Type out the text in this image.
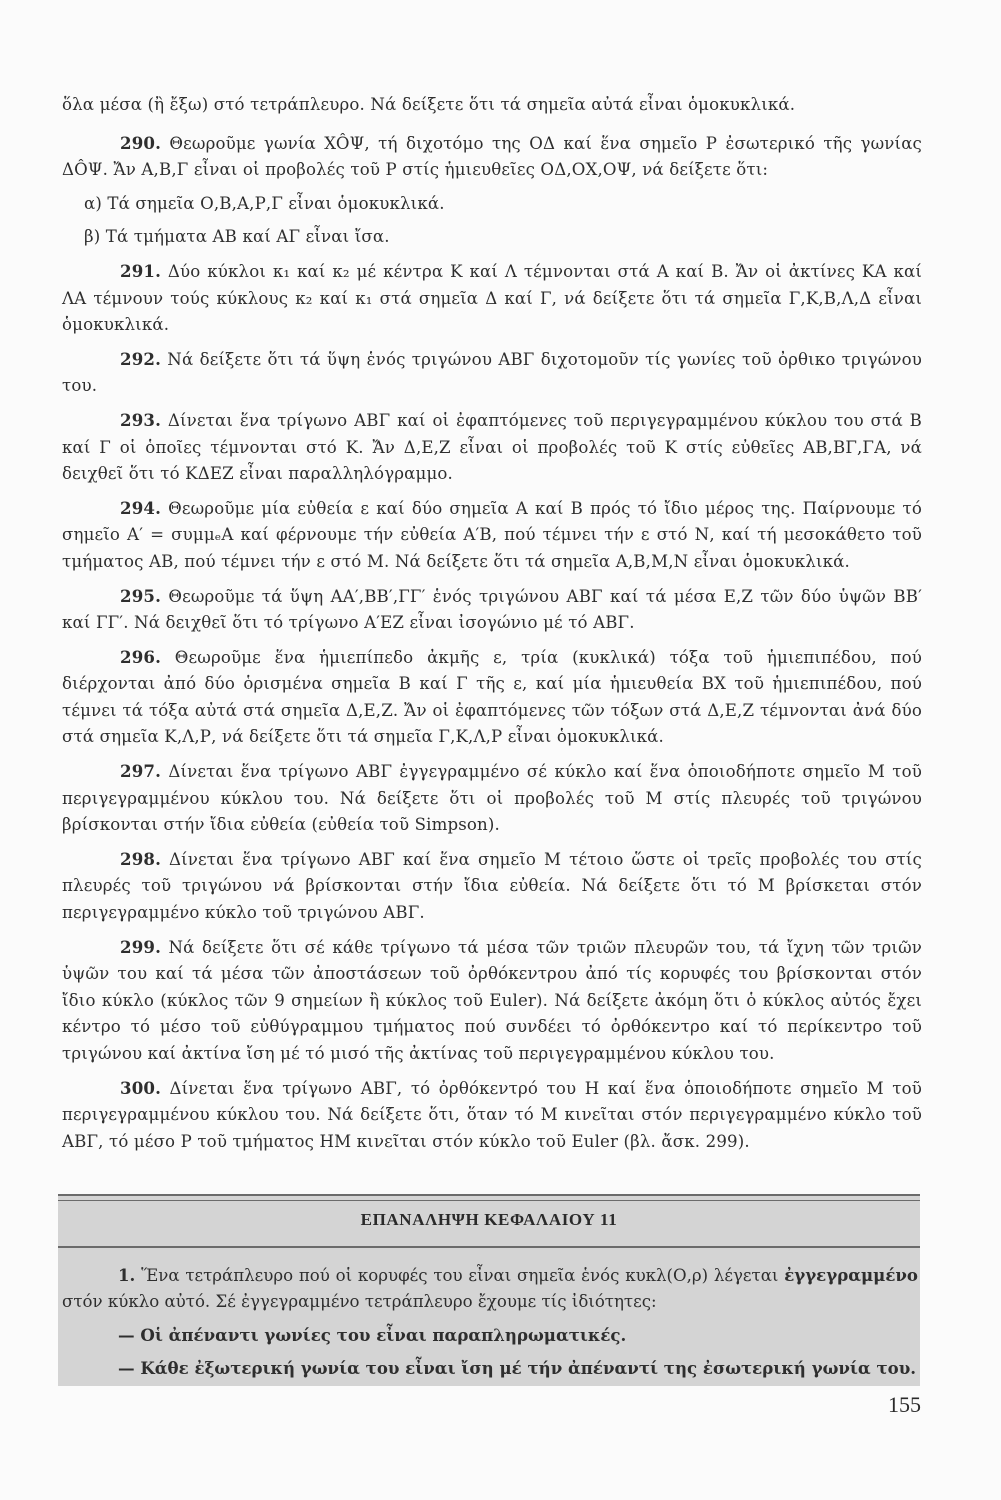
ὅλα μέσα (ἢ ἔξω) στό τετράπλευρο. Νά δείξετε ὅτι τά σημεῖα αὐτά εἶναι ὁμοκυκλικά.

290. Θεωροῦμε γωνία XÔΨ, τή διχοτόμο της ΟΔ καί ἕνα σημεῖο Ρ ἐσωτερικό τῆς γωνίας ΔÔΨ. Ἄν Α,Β,Γ εἶναι οἱ προβολές τοῦ Ρ στίς ἡμιευθεῖες ΟΔ,ΟΧ,ΟΨ, νά δείξετε ὅτι:

α) Τά σημεῖα Ο,Β,Α,Ρ,Γ εἶναι ὁμοκυκλικά.

β) Τά τμήματα ΑΒ καί ΑΓ εἶναι ἴσα.

291. Δύο κύκλοι κ₁ καί κ₂ μέ κέντρα Κ καί Λ τέμνονται στά Α καί Β. Ἄν οἱ ἀκτίνες ΚΑ καί ΛΑ τέμνουν τούς κύκλους κ₂ καί κ₁ στά σημεῖα Δ καί Γ, νά δείξετε ὅτι τά σημεῖα Γ,Κ,Β,Λ,Δ εἶναι ὁμοκυκλικά.

292. Νά δείξετε ὅτι τά ὕψη ἑνός τριγώνου ΑΒΓ διχοτομοῦν τίς γωνίες τοῦ ὀρθικο τριγώνου του.

293. Δίνεται ἕνα τρίγωνο ΑΒΓ καί οἱ ἐφαπτόμενες τοῦ περιγεγραμμένου κύκλου του στά Β καί Γ οἱ ὁποῖες τέμνονται στό Κ. Ἄν Δ,Ε,Ζ εἶναι οἱ προβολές τοῦ Κ στίς εὐθεῖες ΑΒ,ΒΓ,ΓΑ, νά δειχθεῖ ὅτι τό ΚΔΕΖ εἶναι παραλληλόγραμμο.

294. Θεωροῦμε μία εὐθεία ε καί δύο σημεῖα Α καί Β πρός τό ἴδιο μέρος της. Παίρνουμε τό σημεῖο Α′ = συμμₑΑ καί φέρνουμε τήν εὐθεία Α′Β, πού τέμνει τήν ε στό Ν, καί τή μεσοκάθετο τοῦ τμήματος ΑΒ, πού τέμνει τήν ε στό Μ. Νά δείξετε ὅτι τά σημεῖα Α,Β,Μ,Ν εἶναι ὁμοκυκλικά.

295. Θεωροῦμε τά ὕψη ΑΑ′,ΒΒ′,ΓΓ′ ἑνός τριγώνου ΑΒΓ καί τά μέσα Ε,Ζ τῶν δύο ὑψῶν ΒΒ′ καί ΓΓ′. Νά δειχθεῖ ὅτι τό τρίγωνο Α′ΕΖ εἶναι ἰσογώνιο μέ τό ΑΒΓ.

296. Θεωροῦμε ἕνα ἡμιεπίπεδο ἀκμῆς ε, τρία (κυκλικά) τόξα τοῦ ἡμιεπιπέδου, πού διέρχονται ἀπό δύο ὁρισμένα σημεῖα Β καί Γ τῆς ε, καί μία ἡμιευθεία ΒΧ τοῦ ἡμιεπιπέδου, πού τέμνει τά τόξα αὐτά στά σημεῖα Δ,Ε,Ζ. Ἄν οἱ ἐφαπτόμενες τῶν τόξων στά Δ,Ε,Ζ τέμνονται ἀνά δύο στά σημεῖα Κ,Λ,Ρ, νά δείξετε ὅτι τά σημεῖα Γ,Κ,Λ,Ρ εἶναι ὁμοκυκλικά.

297. Δίνεται ἕνα τρίγωνο ΑΒΓ ἐγγεγραμμένο σέ κύκλο καί ἕνα ὁποιοδήποτε σημεῖο Μ τοῦ περιγεγραμμένου κύκλου του. Νά δείξετε ὅτι οἱ προβολές τοῦ Μ στίς πλευρές τοῦ τριγώνου βρίσκονται στήν ἴδια εὐθεία (εὐθεία τοῦ Simpson).

298. Δίνεται ἕνα τρίγωνο ΑΒΓ καί ἕνα σημεῖο Μ τέτοιο ὥστε οἱ τρεῖς προβολές του στίς πλευρές τοῦ τριγώνου νά βρίσκονται στήν ἴδια εὐθεία. Νά δείξετε ὅτι τό Μ βρίσκεται στόν περιγεγραμμένο κύκλο τοῦ τριγώνου ΑΒΓ.

299. Νά δείξετε ὅτι σέ κάθε τρίγωνο τά μέσα τῶν τριῶν πλευρῶν του, τά ἴχνη τῶν τριῶν ὑψῶν του καί τά μέσα τῶν ἀποστάσεων τοῦ ὀρθόκεντρου ἀπό τίς κορυφές του βρίσκονται στόν ἴδιο κύκλο (κύκλος τῶν 9 σημείων ἢ κύκλος τοῦ Euler). Νά δείξετε ἀκόμη ὅτι ὁ κύκλος αὐτός ἔχει κέντρο τό μέσο τοῦ εὐθύγραμμου τμήματος πού συνδέει τό ὀρθόκεντρο καί τό περίκεντρο τοῦ τριγώνου καί ἀκτίνα ἴση μέ τό μισό τῆς ἀκτίνας τοῦ περιγεγραμμένου κύκλου του.

300. Δίνεται ἕνα τρίγωνο ΑΒΓ, τό ὀρθόκεντρό του Η καί ἕνα ὁποιοδήποτε σημεῖο Μ τοῦ περιγεγραμμένου κύκλου του. Νά δείξετε ὅτι, ὅταν τό Μ κινεῖται στόν περιγεγραμμένο κύκλο τοῦ ΑΒΓ, τό μέσο Ρ τοῦ τμήματος ΗΜ κινεῖται στόν κύκλο τοῦ Euler (βλ. ἄσκ. 299).

ΕΠΑΝΑΛΗΨΗ ΚΕΦΑΛΑΙΟΥ 11

1. Ἕνα τετράπλευρο πού οἱ κορυφές του εἶναι σημεῖα ἑνός κυκλ(Ο,ρ) λέγεται ἐγγεγραμμένο στόν κύκλο αὐτό. Σέ ἐγγεγραμμένο τετράπλευρο ἔχουμε τίς ἰδιότητες:

— Οἱ ἀπέναντι γωνίες του εἶναι παραπληρωματικές.

— Κάθε ἐξωτερική γωνία του εἶναι ἴση μέ τήν ἀπέναντί της ἐσωτερική γωνία του.

155
